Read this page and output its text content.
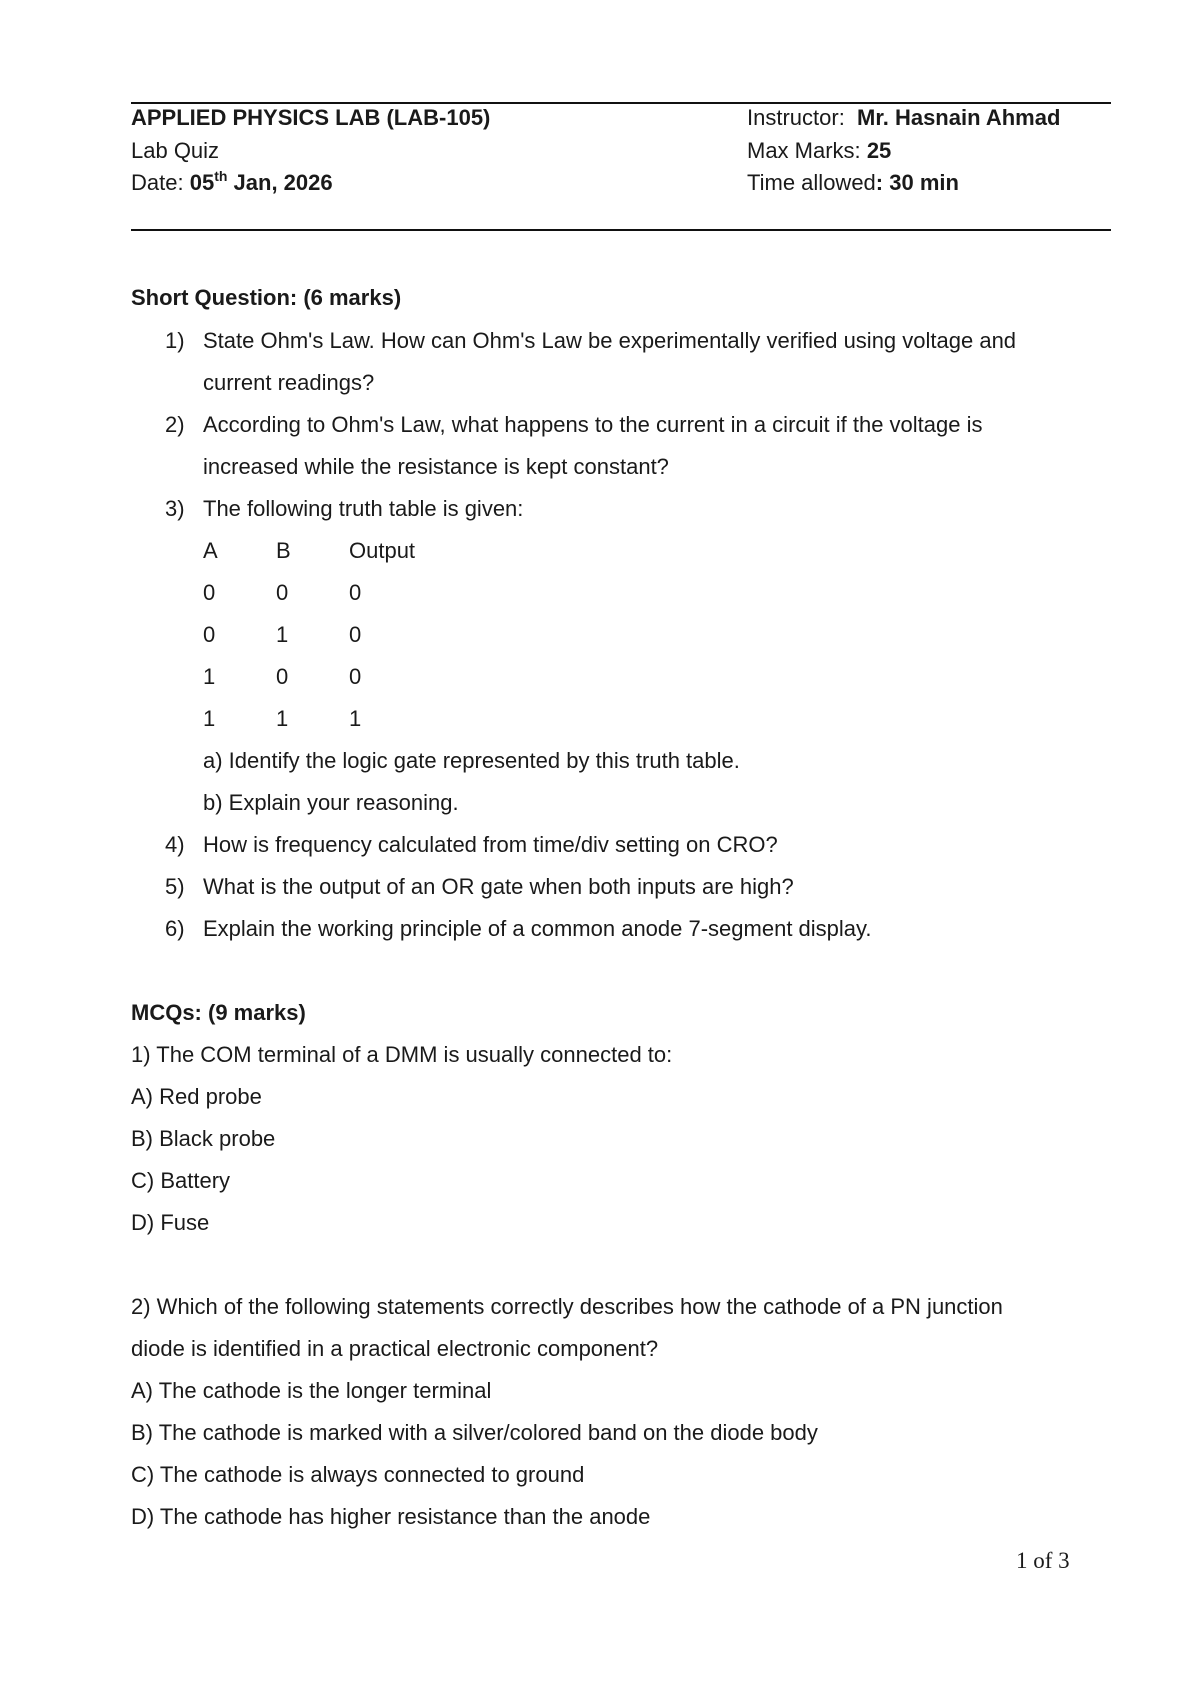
APPLIED PHYSICS LAB (LAB-105)
Lab Quiz
Date: 05th Jan, 2026
Instructor: Mr. Hasnain Ahmad
Max Marks: 25
Time allowed: 30 min
Short Question: (6 marks)
1) State Ohm's Law. How can Ohm's Law be experimentally verified using voltage and current readings?
2) According to Ohm's Law, what happens to the current in a circuit if the voltage is increased while the resistance is kept constant?
3) The following truth table is given:
A	B	Output
0	0	0
0	1	0
1	0	0
1	1	1
a) Identify the logic gate represented by this truth table.
b) Explain your reasoning.
4) How is frequency calculated from time/div setting on CRO?
5) What is the output of an OR gate when both inputs are high?
6) Explain the working principle of a common anode 7-segment display.
MCQs: (9 marks)
1) The COM terminal of a DMM is usually connected to:
A) Red probe
B) Black probe
C) Battery
D) Fuse
2) Which of the following statements correctly describes how the cathode of a PN junction diode is identified in a practical electronic component?
A) The cathode is the longer terminal
B) The cathode is marked with a silver/colored band on the diode body
C) The cathode is always connected to ground
D) The cathode has higher resistance than the anode
1 of 3
